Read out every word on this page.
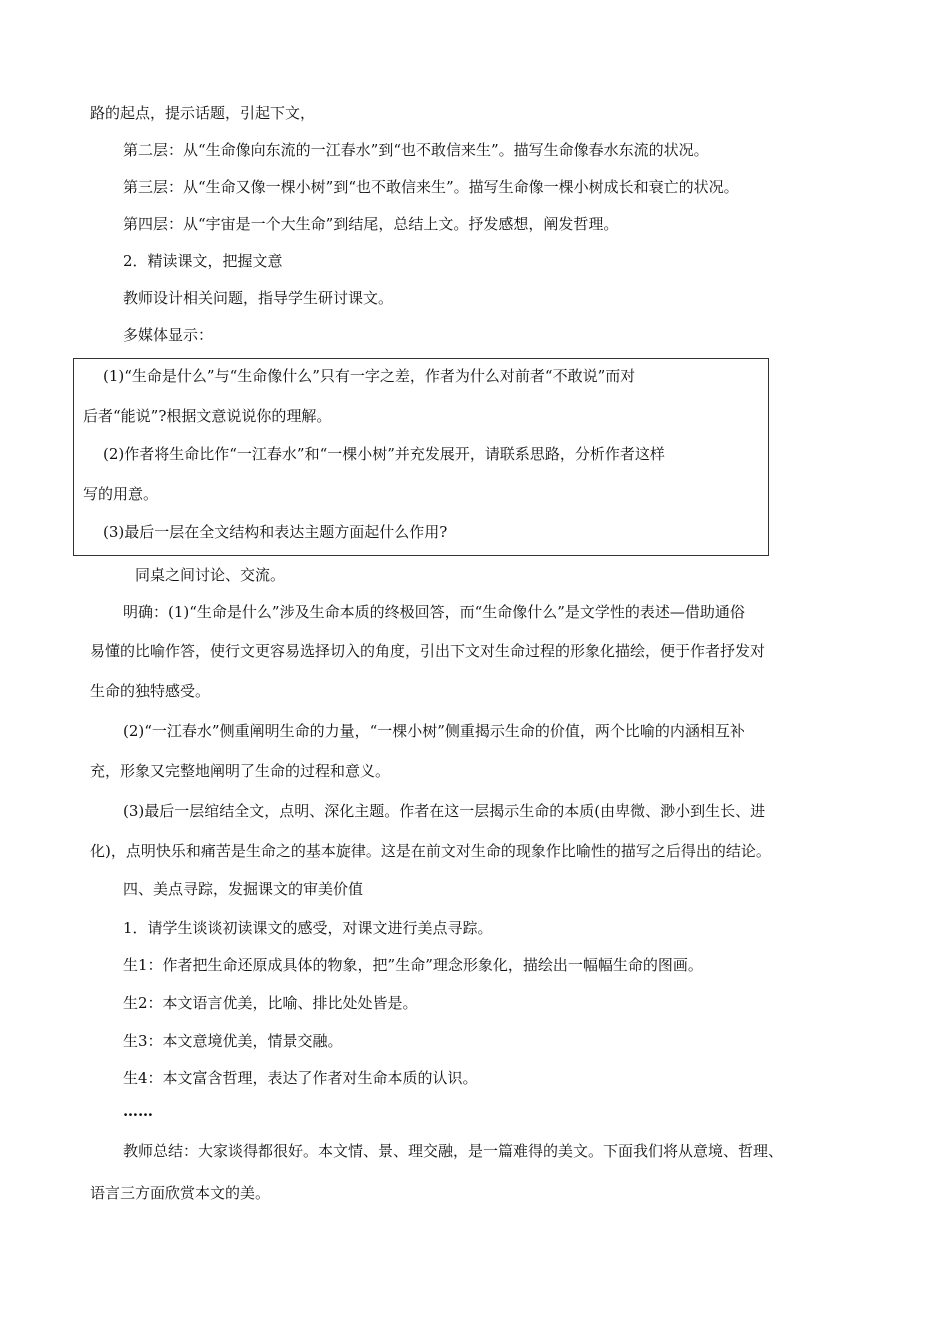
路的起点，提示话题，引起下文，
第二层：从“生命像向东流的一江春水”到“也不敢信来生”。描写生命像春水东流的状况。
第三层：从“生命又像一棵小树”到“也不敢信来生”。描写生命像一棵小树成长和衰亡的状况。
第四层：从“宇宙是一个大生命”到结尾，总结上文。抒发感想，阐发哲理。
2．精读课文，把握文意
教师设计相关问题，指导学生研讨课文。
多媒体显示：
(1)“生命是什么”与“生命像什么”只有一字之差，作者为什么对前者“不敢说”而对
后者“能说”?根据文意说说你的理解。
(2)作者将生命比作“一江春水”和“一棵小树”并充发展开，请联系思路，分析作者这样
写的用意。
(3)最后一层在全文结构和表达主题方面起什么作用?
同桌之间讨论、交流。
明确：(1)“生命是什么”涉及生命本质的终极回答，而“生命像什么”是文学性的表述—借助通俗
易懂的比喻作答，使行文更容易选择切入的角度，引出下文对生命过程的形象化描绘，便于作者抒发对
生命的独特感受。
(2)“一江春水”侧重阐明生命的力量，“一棵小树”侧重揭示生命的价值，两个比喻的内涵相互补
充，形象又完整地阐明了生命的过程和意义。
(3)最后一层绾结全文，点明、深化主题。作者在这一层揭示生命的本质(由卑微、渺小到生长、进
化)，点明快乐和痛苦是生命之的基本旋律。这是在前文对生命的现象作比喻性的描写之后得出的结论。
四、美点寻踪，发掘课文的审美价值
1．请学生谈谈初读课文的感受，对课文进行美点寻踪。
生1：作者把生命还原成具体的物象，把”生命”理念形象化，描绘出一幅幅生命的图画。
生2：本文语言优美，比喻、排比处处皆是。
生3：本文意境优美，情景交融。
生4：本文富含哲理，表达了作者对生命本质的认识。
……
教师总结：大家谈得都很好。本文情、景、理交融，是一篇难得的美文。下面我们将从意境、哲理、
语言三方面欣赏本文的美。
